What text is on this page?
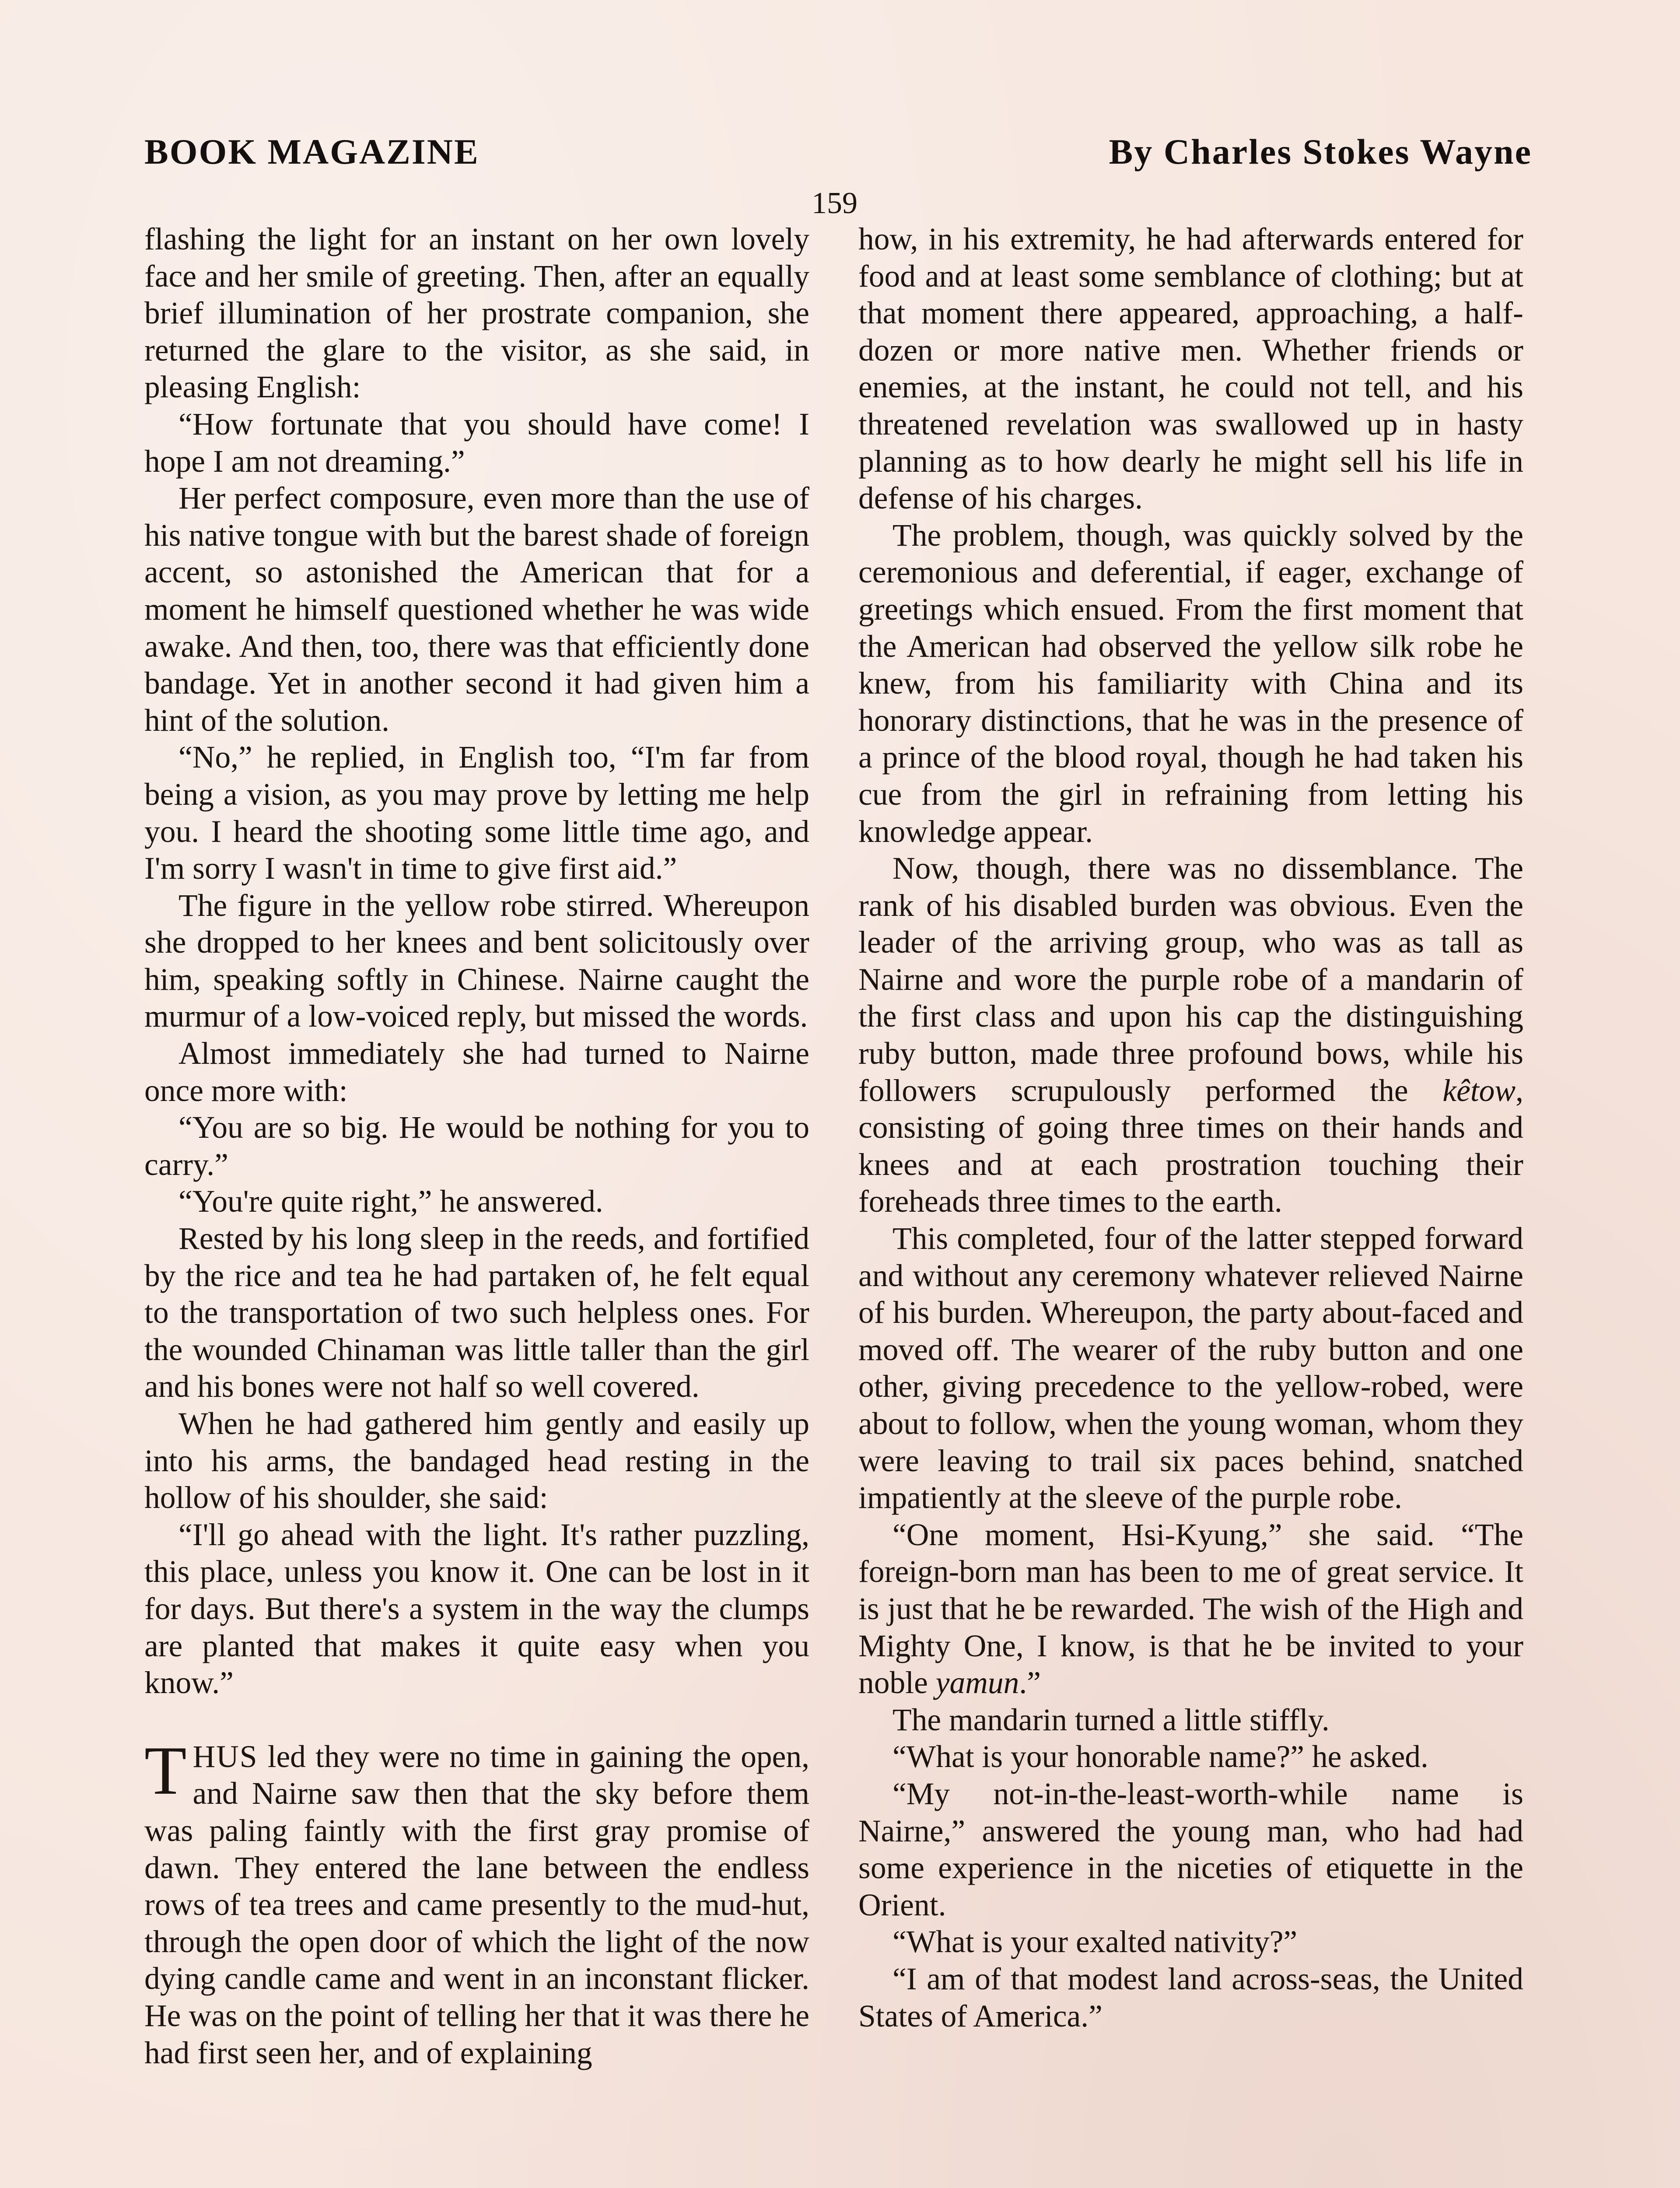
BOOK MAGAZINE	By Charles Stokes Wayne
159

flashing the light for an instant on her own lovely face and her smile of greeting. Then, after an equally brief illumination of her prostrate companion, she returned the glare to the visitor, as she said, in pleasing English:

“How fortunate that you should have come! I hope I am not dreaming.”

Her perfect composure, even more than the use of his native tongue with but the barest shade of foreign accent, so astonished the American that for a moment he himself questioned whether he was wide awake. And then, too, there was that efficiently done bandage. Yet in another second it had given him a hint of the solution.

“No,” he replied, in English too, “I'm far from being a vision, as you may prove by letting me help you. I heard the shooting some little time ago, and I'm sorry I wasn't in time to give first aid.”

The figure in the yellow robe stirred. Whereupon she dropped to her knees and bent solicitously over him, speaking softly in Chinese. Nairne caught the murmur of a low-voiced reply, but missed the words.

Almost immediately she had turned to Nairne once more with:

“You are so big. He would be nothing for you to carry.”

“You're quite right,” he answered.

Rested by his long sleep in the reeds, and fortified by the rice and tea he had partaken of, he felt equal to the transportation of two such helpless ones. For the wounded Chinaman was little taller than the girl and his bones were not half so well covered.

When he had gathered him gently and easily up into his arms, the bandaged head resting in the hollow of his shoulder, she said:

“I'll go ahead with the light. It's rather puzzling, this place, unless you know it. One can be lost in it for days. But there's a system in the way the clumps are planted that makes it quite easy when you know.”

THUS led they were no time in gaining the open, and Nairne saw then that the sky before them was paling faintly with the first gray promise of dawn. They entered the lane between the endless rows of tea trees and came presently to the mud-hut, through the open door of which the light of the now dying candle came and went in an inconstant flicker. He was on the point of telling her that it was there he had first seen her, and of explaining

how, in his extremity, he had afterwards entered for food and at least some semblance of clothing; but at that moment there appeared, approaching, a half-dozen or more native men. Whether friends or enemies, at the instant, he could not tell, and his threatened revelation was swallowed up in hasty planning as to how dearly he might sell his life in defense of his charges.

The problem, though, was quickly solved by the ceremonious and deferential, if eager, exchange of greetings which ensued. From the first moment that the American had observed the yellow silk robe he knew, from his familiarity with China and its honorary distinctions, that he was in the presence of a prince of the blood royal, though he had taken his cue from the girl in refraining from letting his knowledge appear.

Now, though, there was no dissemblance. The rank of his disabled burden was obvious. Even the leader of the arriving group, who was as tall as Nairne and wore the purple robe of a mandarin of the first class and upon his cap the distinguishing ruby button, made three profound bows, while his followers scrupulously performed the kêtow, consisting of going three times on their hands and knees and at each prostration touching their foreheads three times to the earth.

This completed, four of the latter stepped forward and without any ceremony whatever relieved Nairne of his burden. Whereupon, the party about-faced and moved off. The wearer of the ruby button and one other, giving precedence to the yellow-robed, were about to follow, when the young woman, whom they were leaving to trail six paces behind, snatched impatiently at the sleeve of the purple robe.

“One moment, Hsi-Kyung,” she said. “The foreign-born man has been to me of great service. It is just that he be rewarded. The wish of the High and Mighty One, I know, is that he be invited to your noble yamun.”

The mandarin turned a little stiffly.

“What is your honorable name?” he asked.

“My not-in-the-least-worth-while name is Nairne,” answered the young man, who had had some experience in the niceties of etiquette in the Orient.

“What is your exalted nativity?”

“I am of that modest land across-seas, the United States of America.”
